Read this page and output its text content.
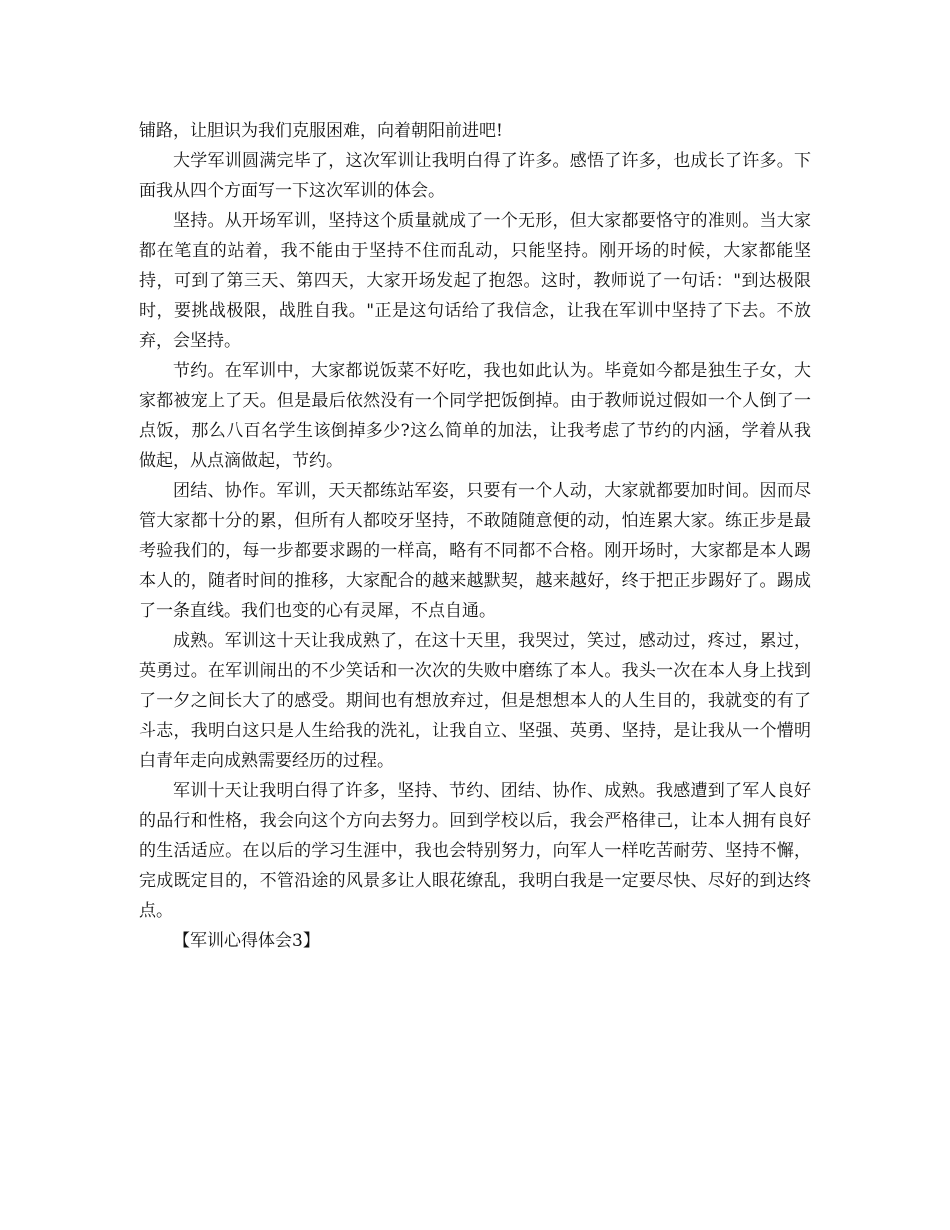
铺路，让胆识为我们克服困难，向着朝阳前进吧!

大学军训圆满完毕了，这次军训让我明白得了许多。感悟了许多，也成长了许多。下面我从四个方面写一下这次军训的体会。

坚持。从开场军训，坚持这个质量就成了一个无形，但大家都要恪守的准则。当大家都在笔直的站着，我不能由于坚持不住而乱动，只能坚持。刚开场的时候，大家都能坚持，可到了第三天、第四天，大家开场发起了抱怨。这时，教师说了一句话："到达极限时，要挑战极限，战胜自我。"正是这句话给了我信念，让我在军训中坚持了下去。不放弃，会坚持。

节约。在军训中，大家都说饭菜不好吃，我也如此认为。毕竟如今都是独生子女，大家都被宠上了天。但是最后依然没有一个同学把饭倒掉。由于教师说过假如一个人倒了一点饭，那么八百名学生该倒掉多少?这么简单的加法，让我考虑了节约的内涵，学着从我做起，从点滴做起，节约。

团结、协作。军训，天天都练站军姿，只要有一个人动，大家就都要加时间。因而尽管大家都十分的累，但所有人都咬牙坚持，不敢随随意便的动，怕连累大家。练正步是最考验我们的，每一步都要求踢的一样高，略有不同都不合格。刚开场时，大家都是本人踢本人的，随者时间的推移，大家配合的越来越默契，越来越好，终于把正步踢好了。踢成了一条直线。我们也变的心有灵犀，不点自通。

成熟。军训这十天让我成熟了，在这十天里，我哭过，笑过，感动过，疼过，累过，英勇过。在军训闹出的不少笑话和一次次的失败中磨练了本人。我头一次在本人身上找到了一夕之间长大了的感受。期间也有想放弃过，但是想想本人的人生目的，我就变的有了斗志，我明白这只是人生给我的洗礼，让我自立、坚强、英勇、坚持，是让我从一个懵明白青年走向成熟需要经历的过程。

军训十天让我明白得了许多，坚持、节约、团结、协作、成熟。我感遭到了军人良好的品行和性格，我会向这个方向去努力。回到学校以后，我会严格律己，让本人拥有良好的生活适应。在以后的学习生涯中，我也会特别努力，向军人一样吃苦耐劳、坚持不懈，完成既定目的，不管沿途的风景多让人眼花缭乱，我明白我是一定要尽快、尽好的到达终点。

【军训心得体会3】
